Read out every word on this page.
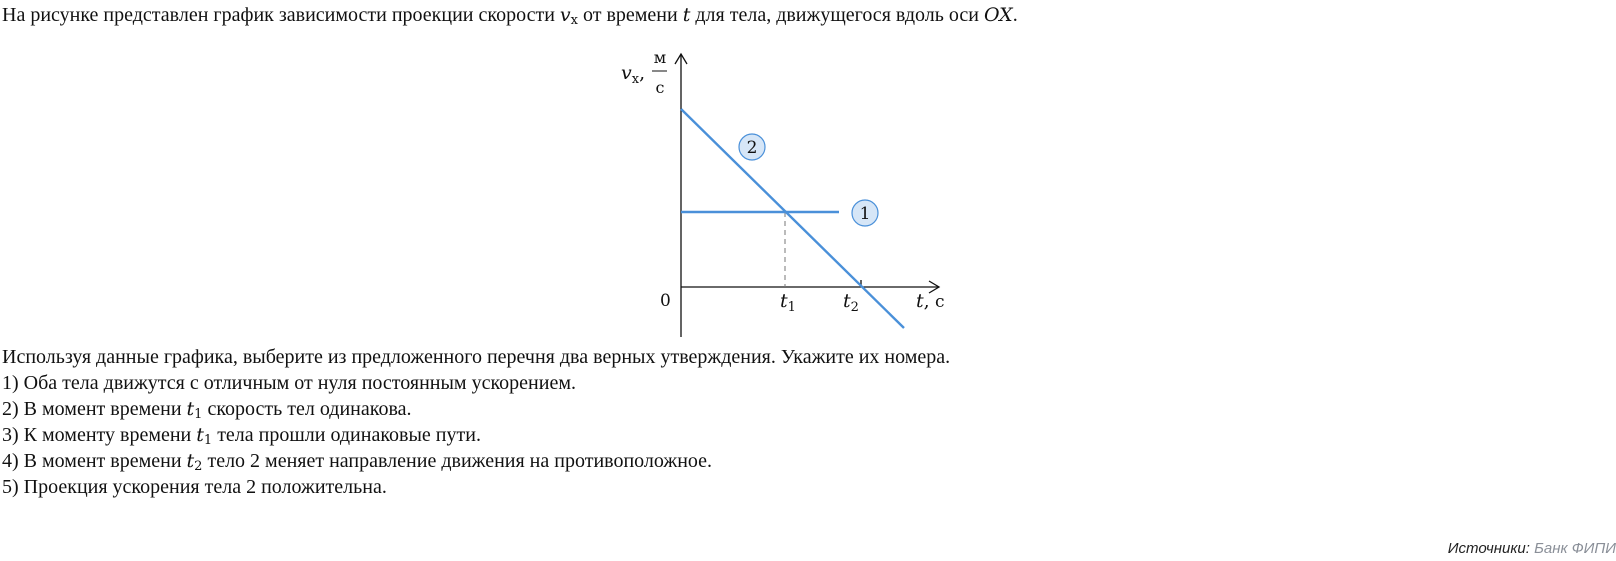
На рисунке представлен график зависимости проекции скорости $v_x$ от времени t для тела, движущегося вдоль оси OX.
$v_x$,
м
с
0	t, с
$t_1$ $t_2$
2
1
Используя данные графика, выберите из предложенного перечня два верных утверждения. Укажите их номера.
1) Оба тела движутся с отличным от нуля постоянным ускорением.
2) В момент времени $t_1$ скорость тел одинакова.
3) К моменту времени $t_1$ тела прошли одинаковые пути.
4) В момент времени $t_2$ тело 2 меняет направление движения на противоположное.
5) Проекция ускорения тела 2 положительна.
Источники: Банк ФИПИ
